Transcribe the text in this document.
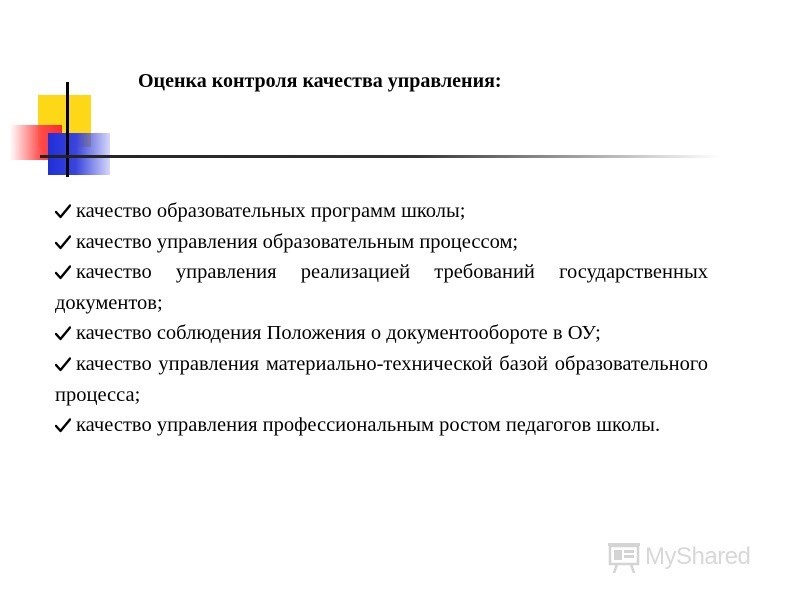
Оценка контроля качества управления:
качество образовательных программ школы;
качество управления образовательным процессом;
качество управления реализацией требований государственных документов;
качество соблюдения Положения о документообороте в ОУ;
качество управления материально-технической базой образовательного процесса;
качество управления профессиональным ростом педагогов школы.
MyShared
